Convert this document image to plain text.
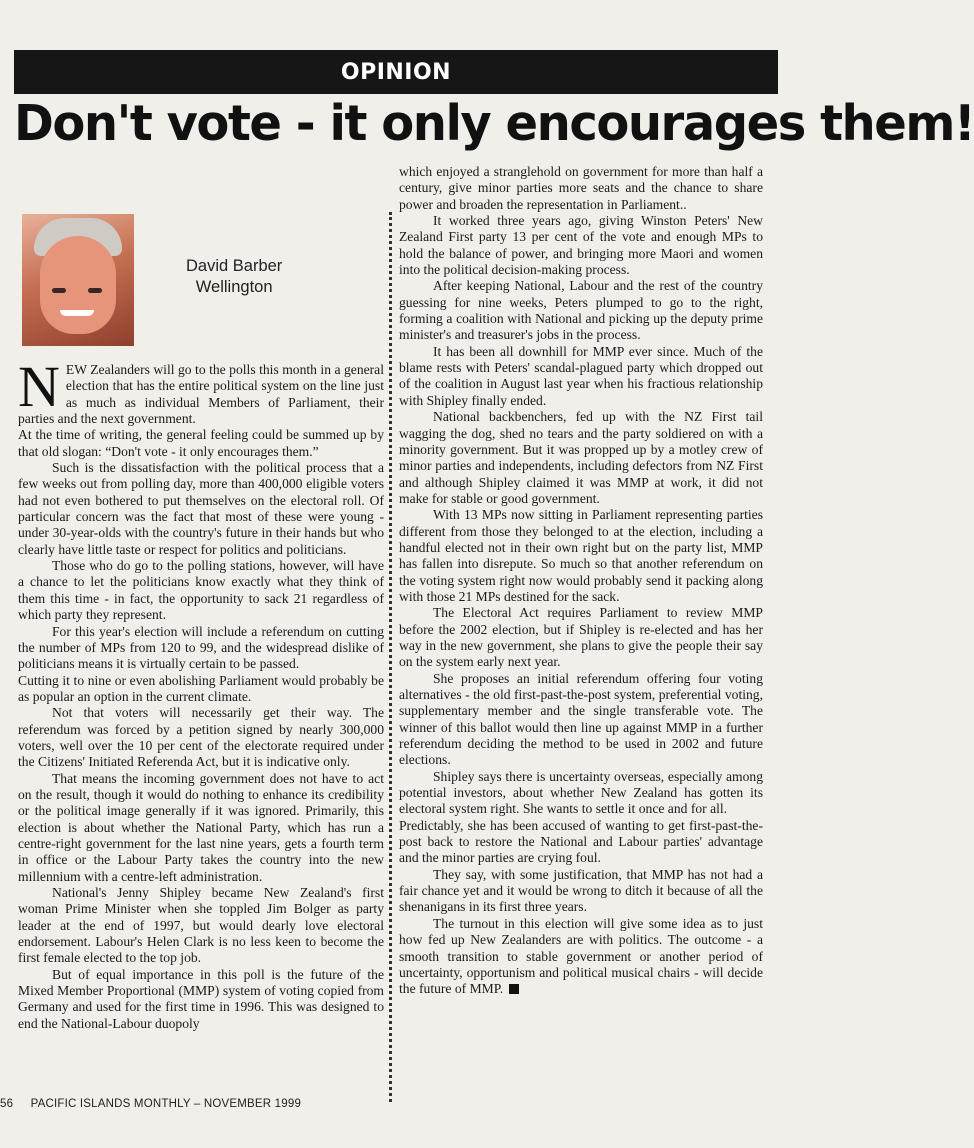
OPINION
Don't vote - it only encourages them!
David Barber
Wellington

NEW Zealanders will go to the polls this month in a general election that has the entire political system on the line just as much as individual Members of Parliament, their parties and the next government.

At the time of writing, the general feeling could be summed up by that old slogan: “Don't vote - it only encourages them.”

Such is the dissatisfaction with the political process that a few weeks out from polling day, more than 400,000 eligible voters had not even bothered to put themselves on the electoral roll. Of particular concern was the fact that most of these were young - under 30-year-olds with the country's future in their hands but who clearly have little taste or respect for politics and politicians.

Those who do go to the polling stations, however, will have a chance to let the politicians know exactly what they think of them this time - in fact, the opportunity to sack 21 regardless of which party they represent.

For this year's election will include a referendum on cutting the number of MPs from 120 to 99, and the widespread dislike of politicians means it is virtually certain to be passed.

Cutting it to nine or even abolishing Parliament would probably be as popular an option in the current climate.

Not that voters will necessarily get their way. The referendum was forced by a petition signed by nearly 300,000 voters, well over the 10 per cent of the electorate required under the Citizens' Initiated Referenda Act, but it is indicative only.

That means the incoming government does not have to act on the result, though it would do nothing to enhance its credibility or the political image generally if it was ignored. Primarily, this election is about whether the National Party, which has run a centre-right government for the last nine years, gets a fourth term in office or the Labour Party takes the country into the new millennium with a centre-left administration.

National's Jenny Shipley became New Zealand's first woman Prime Minister when she toppled Jim Bolger as party leader at the end of 1997, but would dearly love electoral endorsement. Labour's Helen Clark is no less keen to become the first female elected to the top job.

But of equal importance in this poll is the future of the Mixed Member Proportional (MMP) system of voting copied from Germany and used for the first time in 1996. This was designed to end the National-Labour duopoly

which enjoyed a stranglehold on government for more than half a century, give minor parties more seats and the chance to share power and broaden the representation in Parliament..

It worked three years ago, giving Winston Peters' New Zealand First party 13 per cent of the vote and enough MPs to hold the balance of power, and bringing more Maori and women into the political decision-making process.

After keeping National, Labour and the rest of the country guessing for nine weeks, Peters plumped to go to the right, forming a coalition with National and picking up the deputy prime minister's and treasurer's jobs in the process.

It has been all downhill for MMP ever since. Much of the blame rests with Peters' scandal-plagued party which dropped out of the coalition in August last year when his fractious relationship with Shipley finally ended.

National backbenchers, fed up with the NZ First tail wagging the dog, shed no tears and the party soldiered on with a minority government. But it was propped up by a motley crew of minor parties and independents, including defectors from NZ First and although Shipley claimed it was MMP at work, it did not make for stable or good government.

With 13 MPs now sitting in Parliament representing parties different from those they belonged to at the election, including a handful elected not in their own right but on the party list, MMP has fallen into disrepute. So much so that another referendum on the voting system right now would probably send it packing along with those 21 MPs destined for the sack.

The Electoral Act requires Parliament to review MMP before the 2002 election, but if Shipley is re-elected and has her way in the new government, she plans to give the people their say on the system early next year.

She proposes an initial referendum offering four voting alternatives - the old first-past-the-post system, preferential voting, supplementary member and the single transferable vote. The winner of this ballot would then line up against MMP in a further referendum deciding the method to be used in 2002 and future elections.

Shipley says there is uncertainty overseas, especially among potential investors, about whether New Zealand has gotten its electoral system right. She wants to settle it once and for all.

Predictably, she has been accused of wanting to get first-past-the-post back to restore the National and Labour parties' advantage and the minor parties are crying foul.

They say, with some justification, that MMP has not had a fair chance yet and it would be wrong to ditch it because of all the shenanigans in its first three years.

The turnout in this election will give some idea as to just how fed up New Zealanders are with politics. The outcome - a smooth transition to stable government or another period of uncertainty, opportunism and political musical chairs - will decide the future of MMP.

56 PACIFIC ISLANDS MONTHLY – NOVEMBER 1999
